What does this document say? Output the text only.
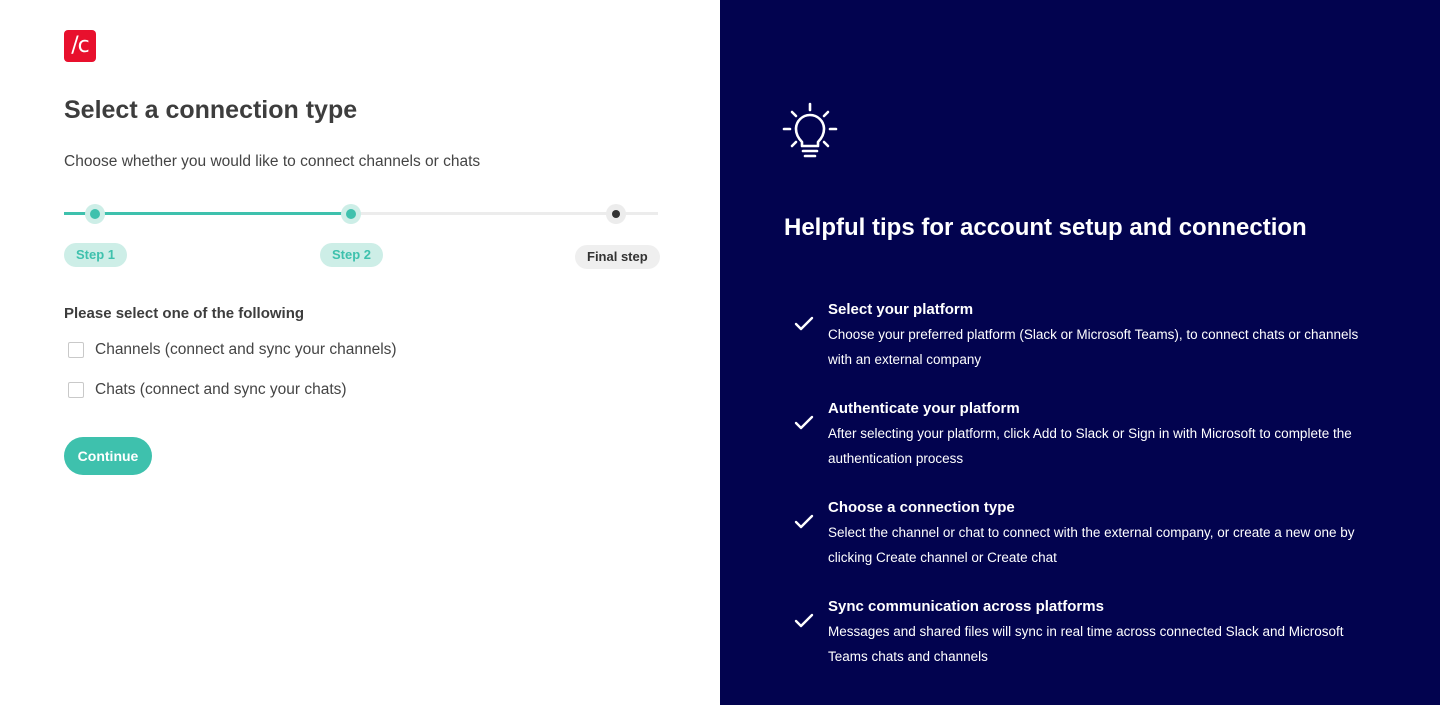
/c
Select a connection type

Choose whether you would like to connect channels or chats

Step 1	Step 2	Final step
Please select one of the following
Channels (connect and sync your channels)
Chats (connect and sync your chats)
Continue
Helpful tips for account setup and connection
Select your platform
Choose your preferred platform (Slack or Microsoft Teams), to connect chats or channels
with an external company
Authenticate your platform
After selecting your platform, click Add to Slack or Sign in with Microsoft to complete the
authentication process
Choose a connection type
Select the channel or chat to connect with the external company, or create a new one by
clicking Create channel or Create chat
Sync communication across platforms
Messages and shared files will sync in real time across connected Slack and Microsoft
Teams chats and channels
